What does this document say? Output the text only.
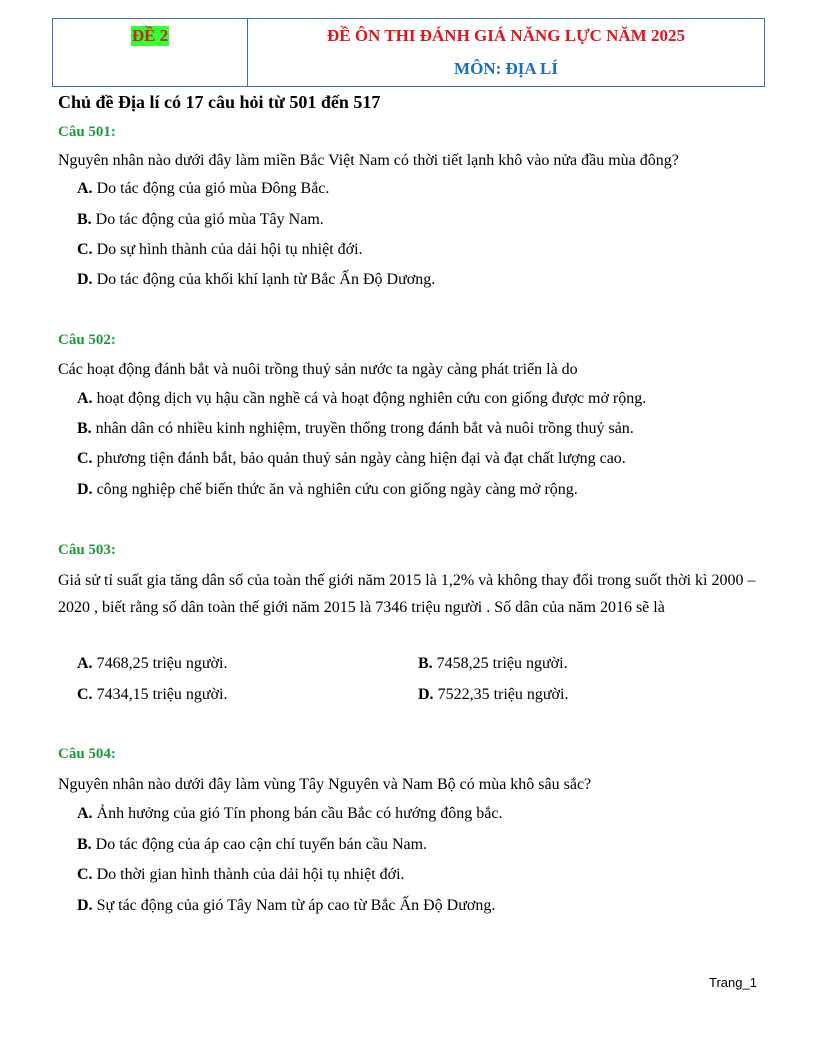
ĐỀ 2	ĐỀ ÔN THI ĐÁNH GIÁ NĂNG LỰC NĂM 2025
MÔN: ĐỊA LÍ
Chủ đề Địa lí có 17 câu hỏi từ 501 đến 517
Câu 501:
Nguyên nhân nào dưới đây làm miền Bắc Việt Nam có thời tiết lạnh khô vào nửa đầu mùa đông?
A. Do tác động của gió mùa Đông Bắc.
B. Do tác động của gió mùa Tây Nam.
C. Do sự hình thành của dải hội tụ nhiệt đới.
D. Do tác động của khối khí lạnh từ Bắc Ấn Độ Dương.
Câu 502:
Các hoạt động đánh bắt và nuôi trồng thuỷ sản nước ta ngày càng phát triển là do
A. hoạt động dịch vụ hậu cần nghề cá và hoạt động nghiên cứu con giống được mở rộng.
B. nhân dân có nhiều kinh nghiệm, truyền thống trong đánh bắt và nuôi trồng thuỷ sản.
C. phương tiện đánh bắt, bảo quản thuỷ sản ngày càng hiện đại và đạt chất lượng cao.
D. công nghiệp chế biến thức ăn và nghiên cứu con giống ngày càng mở rộng.
Câu 503:
Giả sử tỉ suất gia tăng dân số của toàn thế giới năm 2015 là 1,2% và không thay đổi trong suốt thời kì 2000 – 2020 , biết rằng số dân toàn thế giới năm 2015 là 7346 triệu người . Số dân của năm 2016 sẽ là
A. 7468,25 triệu người.	B. 7458,25 triệu người.
C. 7434,15 triệu người.	D. 7522,35 triệu người.
Câu 504:
Nguyên nhân nào dưới đây làm vùng Tây Nguyên và Nam Bộ có mùa khô sâu sắc?
A. Ảnh hưởng của gió Tín phong bán cầu Bắc có hướng đông bắc.
B. Do tác động của áp cao cận chí tuyến bán cầu Nam.
C. Do thời gian hình thành của dải hội tụ nhiệt đới.
D. Sự tác động của gió Tây Nam từ áp cao từ Bắc Ấn Độ Dương.
Trang_1
